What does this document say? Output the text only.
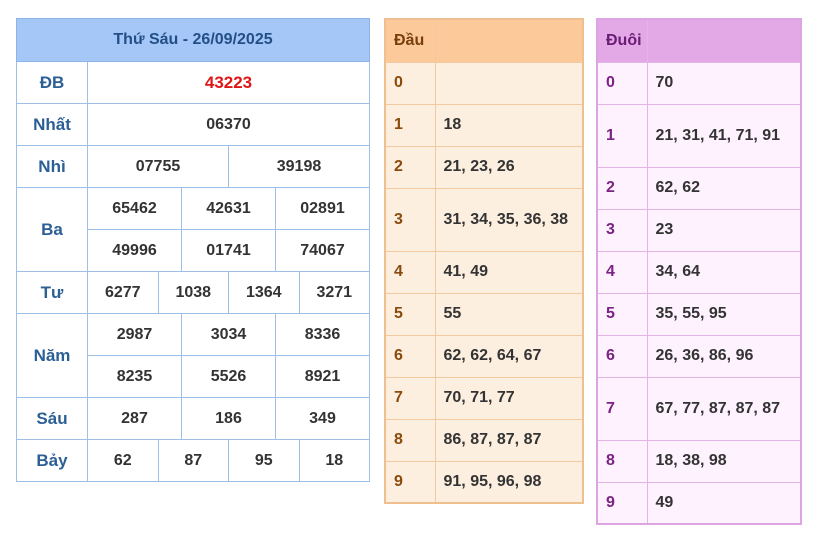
Thứ Sáu - 26/09/2025						
ĐB	43223					
Nhất	06370					
Nhì	07755			39198		
Ba	65462		42631		02891	
	49996		01741		74067	
Tư	6277	1038		1364		3271
Năm	2987		3034		8336	
	8235		5526		8921	
Sáu	287		186		349	
Bảy	62	87		95		18
Đầu	
0	
1	18
2	21, 23, 26
3	31, 34, 35, 36, 38
4	41, 49
5	55
6	62, 62, 64, 67
7	70, 71, 77
8	86, 87, 87, 87
9	91, 95, 96, 98
Đuôi	
0	70
1	21, 31, 41, 71, 91
2	62, 62
3	23
4	34, 64
5	35, 55, 95
6	26, 36, 86, 96
7	67, 77, 87, 87, 87
8	18, 38, 98
9	49
